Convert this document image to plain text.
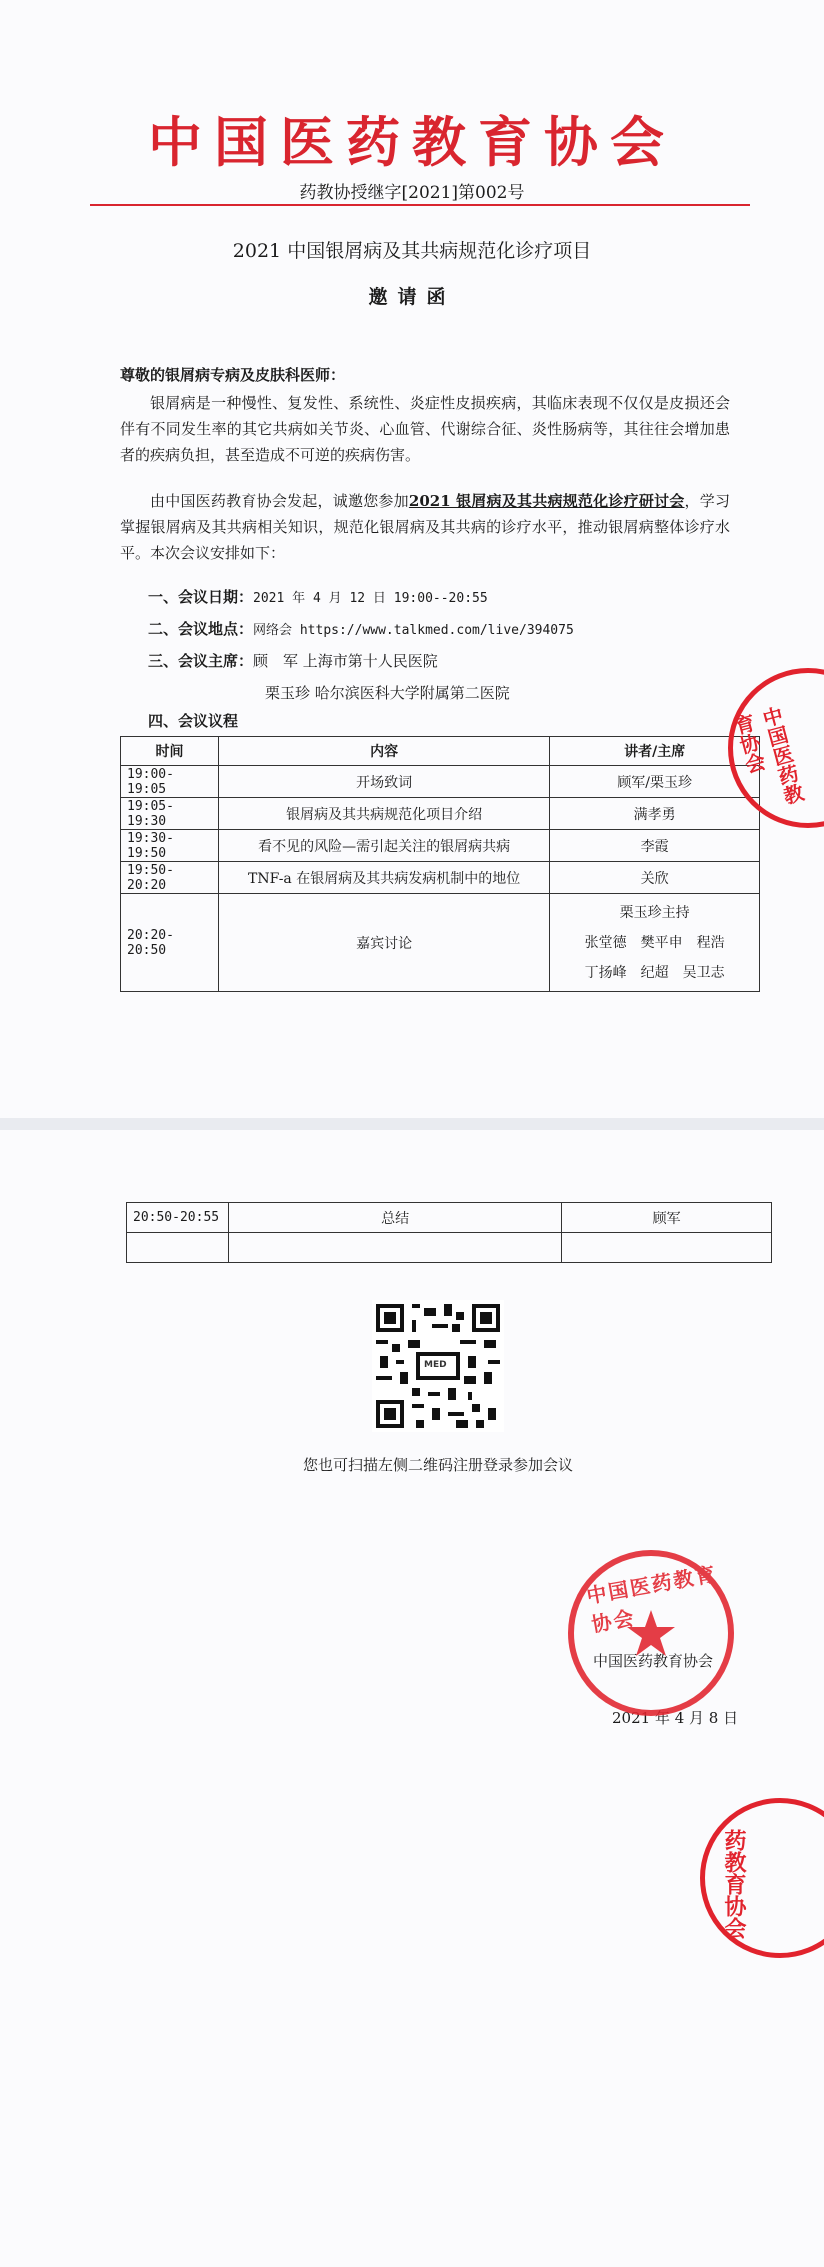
中国医药教育协会
药教协授继字[2021]第002号
2021 中国银屑病及其共病规范化诊疗项目
邀请函
尊敬的银屑病专病及皮肤科医师：
银屑病是一种慢性、复发性、系统性、炎症性皮损疾病，其临床表现不仅仅是皮损还会伴有不同发生率的其它共病如关节炎、心血管、代谢综合征、炎性肠病等，其往往会增加患者的疾病负担，甚至造成不可逆的疾病伤害。
由中国医药教育协会发起，诚邀您参加2021 银屑病及其共病规范化诊疗研讨会，学习掌握银屑病及其共病相关知识，规范化银屑病及其共病的诊疗水平，推动银屑病整体诊疗水平。本次会议安排如下：
一、会议日期：2021 年 4 月 12 日 19:00--20:55
二、会议地点：网络会 https://www.talkmed.com/live/394075
三、会议主席：顾　军 上海市第十人民医院
栗玉珍 哈尔滨医科大学附属第二医院
四、会议议程
时间	内容	讲者/主席
19:00-19:05	开场致词	顾军/栗玉珍
19:05-19:30	银屑病及其共病规范化项目介绍	满孝勇
19:30-19:50	看不见的风险—需引起关注的银屑病共病	李霞
19:50-20:20	TNF-a 在银屑病及其共病发病机制中的地位	关欣
20:20-20:50	嘉宾讨论	栗玉珍主持
张堂德　樊平申　程浩
丁扬峰　纪超　吴卫志
中国医药教育协会
20:50-20:55	总结	顾军

MED
您也可扫描左侧二维码注册登录参加会议
中国医药教育协会
2021 年 4 月 8 日
中国医药教育协会
药教育协会
